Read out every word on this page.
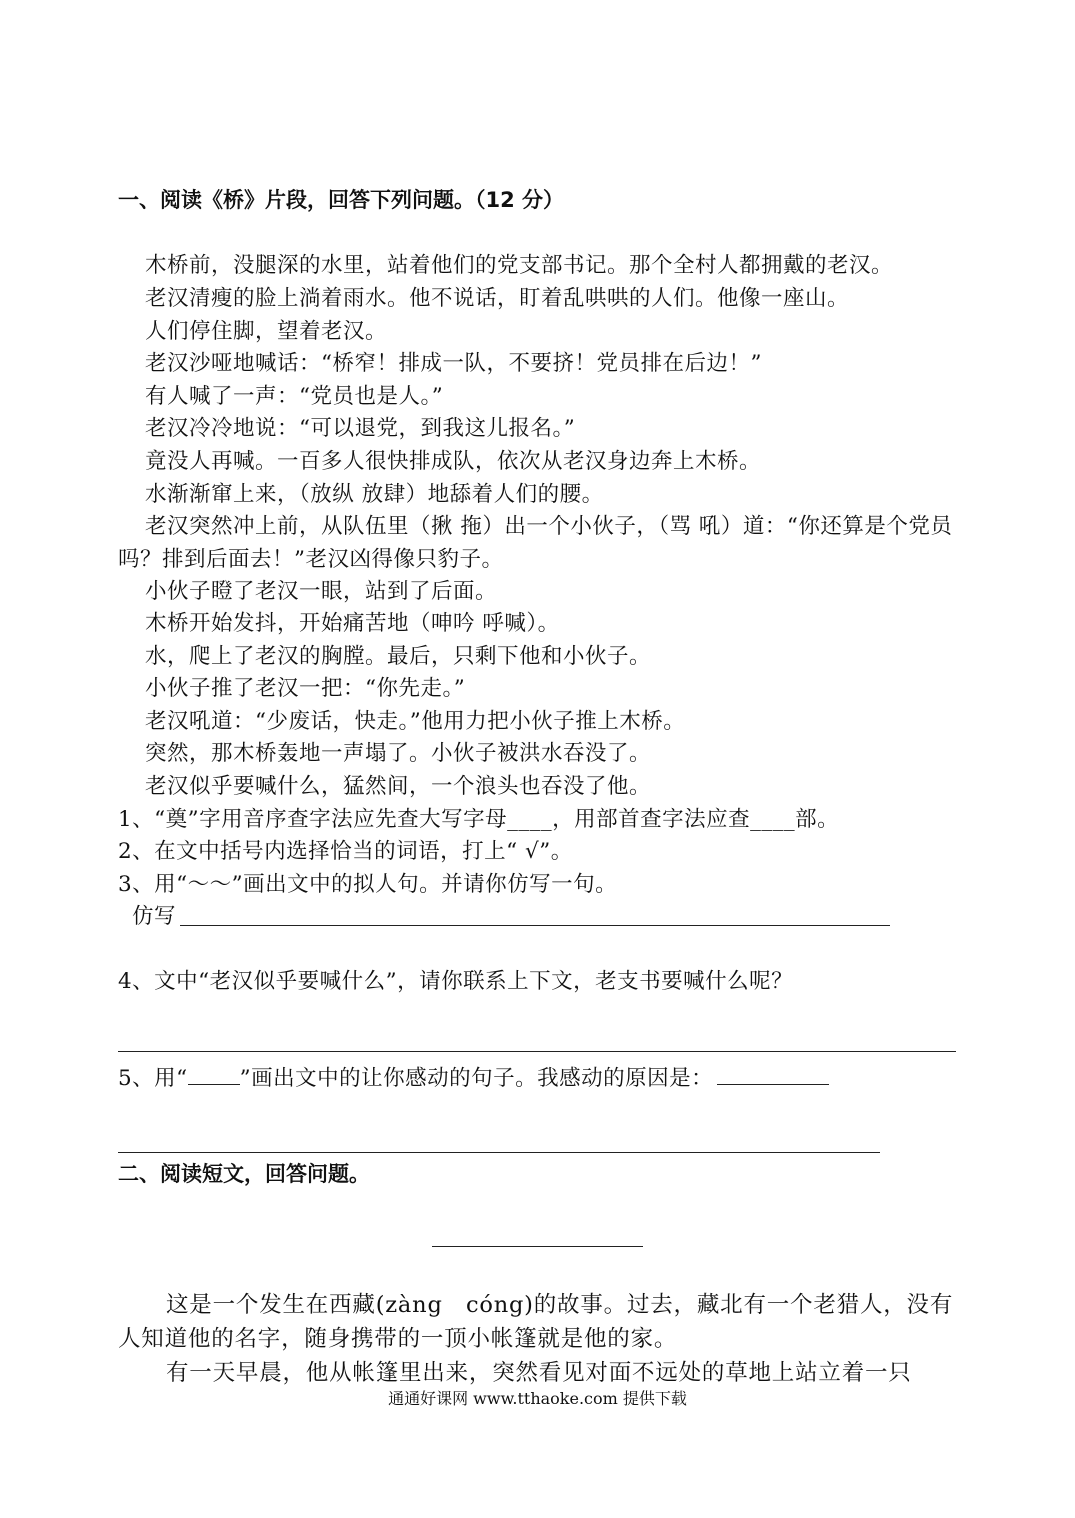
一、阅读《桥》片段，回答下列问题。（12 分）
木桥前，没腿深的水里，站着他们的党支部书记。那个全村人都拥戴的老汉。
老汉清瘦的脸上淌着雨水。他不说话，盯着乱哄哄的人们。他像一座山。
人们停住脚，望着老汉。
老汉沙哑地喊话：“桥窄！排成一队，不要挤！党员排在后边！”
有人喊了一声：“党员也是人。”
老汉冷冷地说：“可以退党，到我这儿报名。”
竟没人再喊。一百多人很快排成队，依次从老汉身边奔上木桥。
水渐渐窜上来，（放纵 放肆）地舔着人们的腰。
老汉突然冲上前，从队伍里（揪 拖）出一个小伙子，（骂 吼）道：“你还算是个党员吗？排到后面去！”老汉凶得像只豹子。
小伙子瞪了老汉一眼，站到了后面。
木桥开始发抖，开始痛苦地（呻吟 呼喊）。
水，爬上了老汉的胸膛。最后，只剩下他和小伙子。
小伙子推了老汉一把：“你先走。”
老汉吼道：“少废话，快走。”他用力把小伙子推上木桥。
突然，那木桥轰地一声塌了。小伙子被洪水吞没了。
老汉似乎要喊什么，猛然间，一个浪头也吞没了他。
1、“奠”字用音序查字法应先查大写字母____，用部首查字法应查____部。
2、在文中括号内选择恰当的词语，打上“ √”。
3、用“～～”画出文中的拟人句。并请你仿写一句。
仿写
4、文中“老汉似乎要喊什么”，请你联系上下文，老支书要喊什么呢？
5、用“ ”画出文中的让你感动的句子。我感动的原因是：
二、阅读短文，回答问题。
这是一个发生在西藏(zàng　cóng)的故事。过去，藏北有一个老猎人，没有人知道他的名字，随身携带的一顶小帐篷就是他的家。
有一天早晨，他从帐篷里出来，突然看见对面不远处的草地上站立着一只
通通好课网 www.tthaoke.com 提供下载
